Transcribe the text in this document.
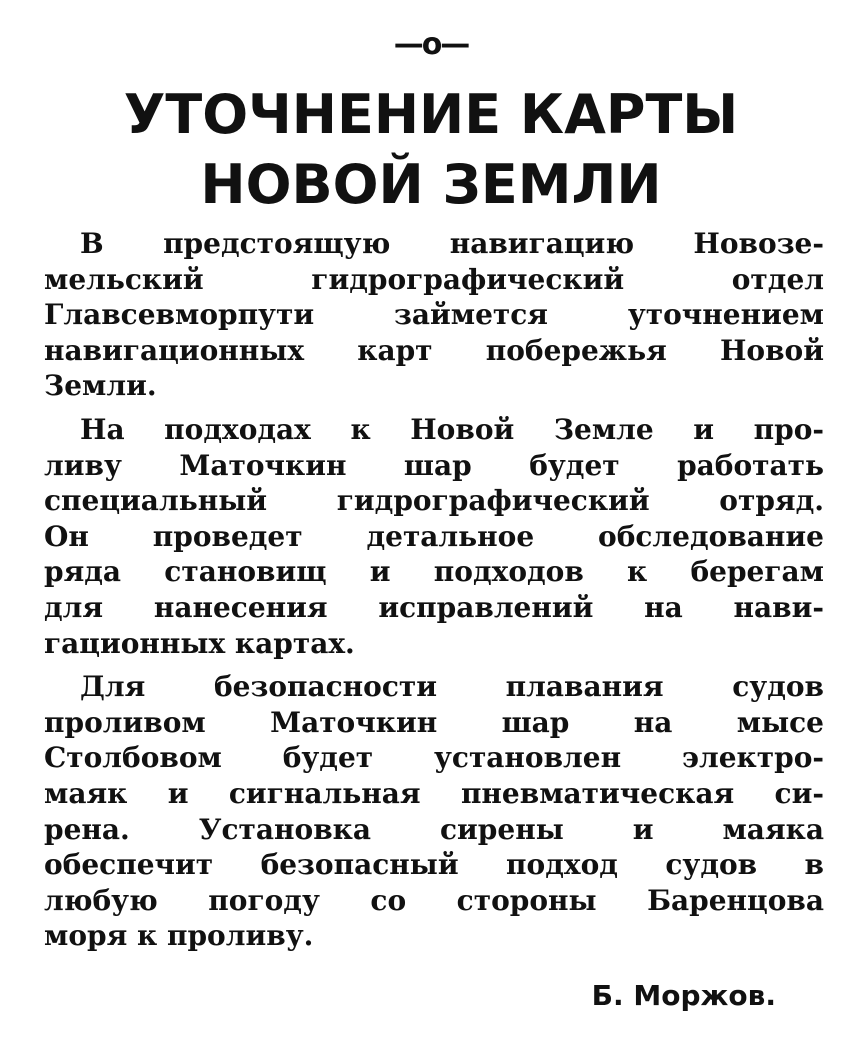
—o—
УТОЧНЕНИЕ КАРТЫ
НОВОЙ ЗЕМЛИ
В предстоящую навигацию Новозе-
мельский гидрографический отдел
Главсевморпути займется уточнением
навигационных карт побережья Новой
Земли.
На подходах к Новой Земле и про-
ливу Маточкин шар будет работать
специальный гидрографический отряд.
Он проведет детальное обследование
ряда становищ и подходов к берегам
для нанесения исправлений на нави-
гационных картах.
Для безопасности плавания судов
проливом Маточкин шар на мысе
Столбовом будет установлен электро-
маяк и сигнальная пневматическая си-
рена. Установка сирены и маяка
обеспечит безопасный подход судов в
любую погоду со стороны Баренцова
моря к проливу.
Б. Моржов.
